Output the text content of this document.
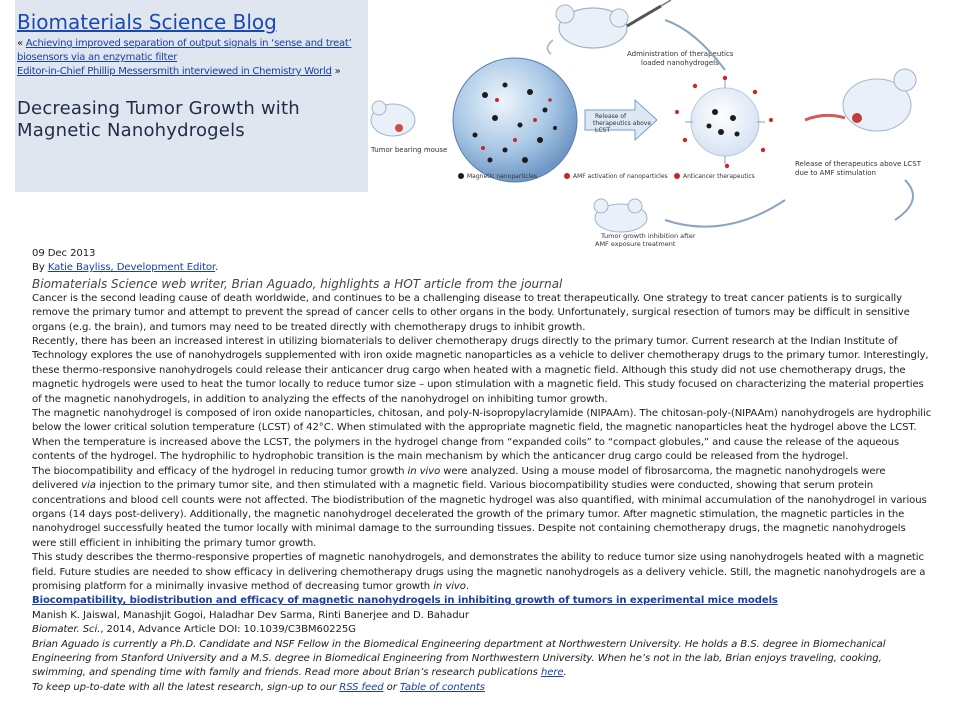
Biomaterials Science Blog
« Achieving improved separation of output signals in ‘sense and treat’ biosensors via an enzymatic filter
Editor-in-Chief Phillip Messersmith interviewed in Chemistry World »
Decreasing Tumor Growth with Magnetic Nanohydrogels
Administration of therapeutics loaded nanohydrogels
Tumor bearing mouse
Release of therapeutics above LCST
Release of therapeutics above LCST due to AMF stimulation
Magnetic nanoparticles	AMF activation of nanoparticles	Anticancer therapeutics
Tumor growth inhibition after AMF exposure treatment

09 Dec 2013

By Katie Bayliss, Development Editor.

Biomaterials Science web writer, Brian Aguado, highlights a HOT article from the journal

Cancer is the second leading cause of death worldwide, and continues to be a challenging disease to treat therapeutically. One strategy to treat cancer patients is to surgically remove the primary tumor and attempt to prevent the spread of cancer cells to other organs in the body. Unfortunately, surgical resection of tumors may be difficult in sensitive organs (e.g. the brain), and tumors may need to be treated directly with chemotherapy drugs to inhibit growth.

Recently, there has been an increased interest in utilizing biomaterials to deliver chemotherapy drugs directly to the primary tumor. Current research at the Indian Institute of Technology explores the use of nanohydrogels supplemented with iron oxide magnetic nanoparticles as a vehicle to deliver chemotherapy drugs to the primary tumor. Interestingly, these thermo-responsive nanohydrogels could release their anticancer drug cargo when heated with a magnetic field. Although this study did not use chemotherapy drugs, the magnetic hydrogels were used to heat the tumor locally to reduce tumor size – upon stimulation with a magnetic field. This study focused on characterizing the material properties of the magnetic nanohydrogels, in addition to analyzing the effects of the nanohydrogel on inhibiting tumor growth.

The magnetic nanohydrogel is composed of iron oxide nanoparticles, chitosan, and poly-N-isopropylacrylamide (NIPAAm). The chitosan-poly-(NIPAAm) nanohydrogels are hydrophilic below the lower critical solution temperature (LCST) of 42°C. When stimulated with the appropriate magnetic field, the magnetic nanoparticles heat the hydrogel above the LCST. When the temperature is increased above the LCST, the polymers in the hydrogel change from “expanded coils” to “compact globules,” and cause the release of the aqueous contents of the hydrogel. The hydrophilic to hydrophobic transition is the main mechanism by which the anticancer drug cargo could be released from the hydrogel.

The biocompatibility and efficacy of the hydrogel in reducing tumor growth in vivo were analyzed. Using a mouse model of fibrosarcoma, the magnetic nanohydrogels were delivered via injection to the primary tumor site, and then stimulated with a magnetic field. Various biocompatibility studies were conducted, showing that serum protein concentrations and blood cell counts were not affected. The biodistribution of the magnetic hydrogel was also quantified, with minimal accumulation of the nanohydrogel in various organs (14 days post-delivery). Additionally, the magnetic nanohydrogel decelerated the growth of the primary tumor. After magnetic stimulation, the magnetic particles in the nanohydrogel successfully heated the tumor locally with minimal damage to the surrounding tissues. Despite not containing chemotherapy drugs, the magnetic nanohydrogels were still efficient in inhibiting the primary tumor growth.

This study describes the thermo-responsive properties of magnetic nanohydrogels, and demonstrates the ability to reduce tumor size using nanohydrogels heated with a magnetic field. Future studies are needed to show efficacy in delivering chemotherapy drugs using the magnetic nanohydrogels as a delivery vehicle. Still, the magnetic nanohydrogels are a promising platform for a minimally invasive method of decreasing tumor growth in vivo.

Biocompatibility, biodistribution and efficacy of magnetic nanohydrogels in inhibiting growth of tumors in experimental mice models

Manish K. Jaiswal, Manashjit Gogoi, Haladhar Dev Sarma, Rinti Banerjee and D. Bahadur

Biomater. Sci., 2014, Advance Article DOI: 10.1039/C3BM60225G

Brian Aguado is currently a Ph.D. Candidate and NSF Fellow in the Biomedical Engineering department at Northwestern University. He holds a B.S. degree in Biomechanical Engineering from Stanford University and a M.S. degree in Biomedical Engineering from Northwestern University. When he’s not in the lab, Brian enjoys traveling, cooking, swimming, and spending time with family and friends. Read more about Brian’s research publications here.

To keep up-to-date with all the latest research, sign-up to our RSS feed or Table of contents
